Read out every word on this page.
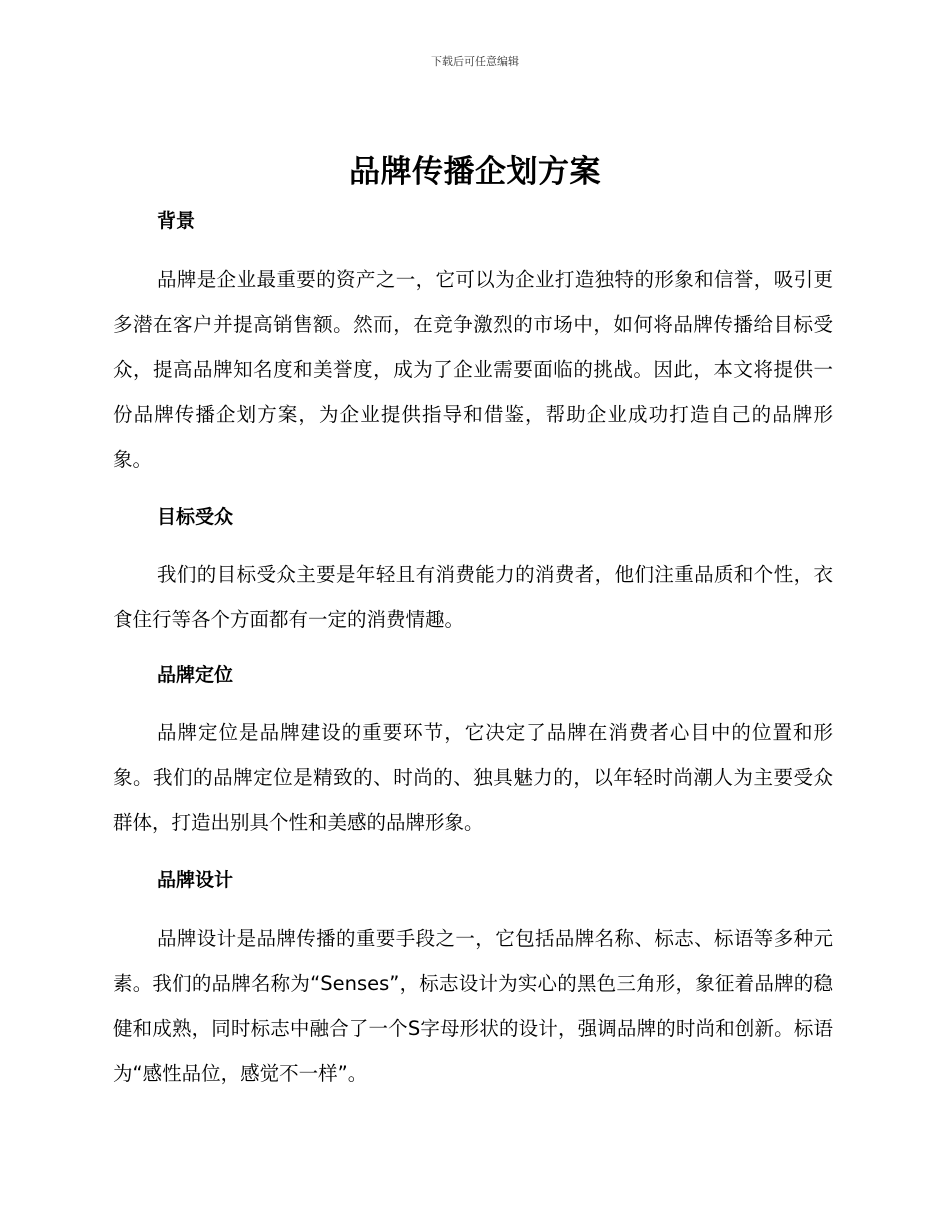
下载后可任意编辑
品牌传播企划方案
背景

品牌是企业最重要的资产之一，它可以为企业打造独特的形象和信誉，吸引更多潜在客户并提高销售额。然而，在竞争激烈的市场中，如何将品牌传播给目标受众，提高品牌知名度和美誉度，成为了企业需要面临的挑战。因此，本文将提供一份品牌传播企划方案，为企业提供指导和借鉴，帮助企业成功打造自己的品牌形象。

目标受众

我们的目标受众主要是年轻且有消费能力的消费者，他们注重品质和个性，衣食住行等各个方面都有一定的消费情趣。

品牌定位

品牌定位是品牌建设的重要环节，它决定了品牌在消费者心目中的位置和形象。我们的品牌定位是精致的、时尚的、独具魅力的，以年轻时尚潮人为主要受众群体，打造出别具个性和美感的品牌形象。

品牌设计

品牌设计是品牌传播的重要手段之一，它包括品牌名称、标志、标语等多种元素。我们的品牌名称为“Senses”，标志设计为实心的黑色三角形，象征着品牌的稳健和成熟，同时标志中融合了一个S字母形状的设计，强调品牌的时尚和创新。标语为“感性品位，感觉不一样”。
